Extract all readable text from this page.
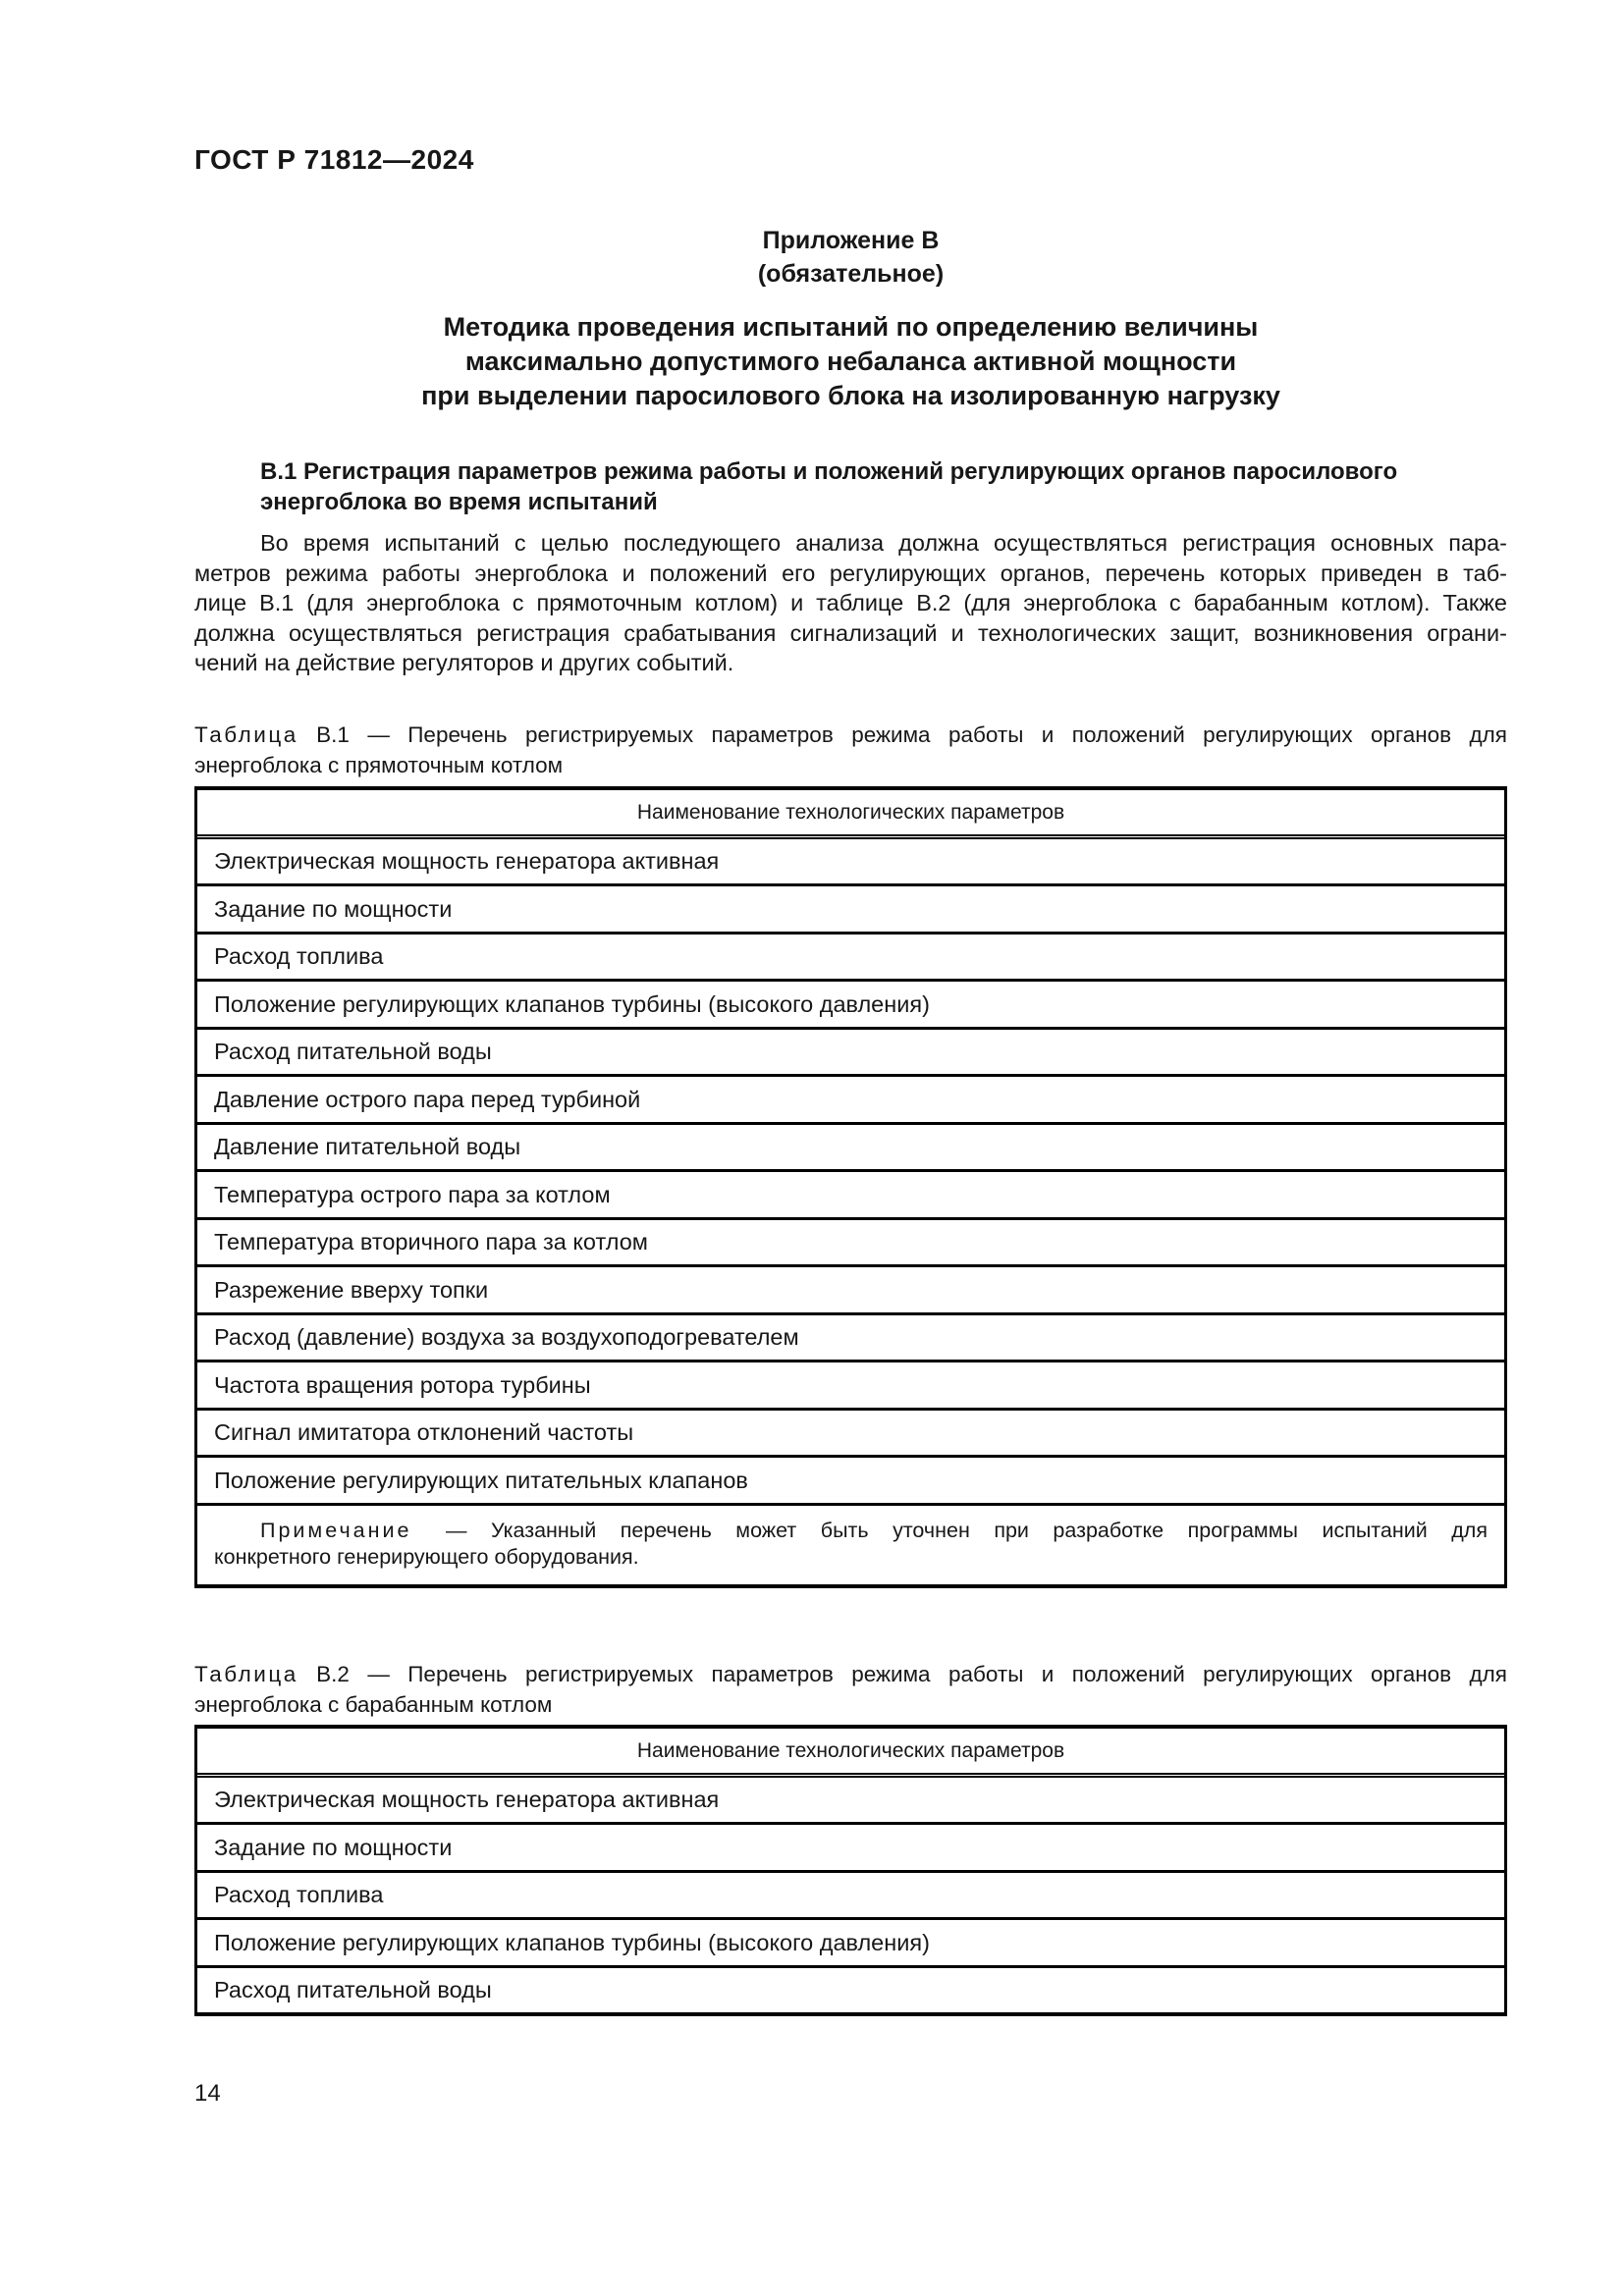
ГОСТ Р 71812—2024
Приложение В
(обязательное)
Методика проведения испытаний по определению величины
максимально допустимого небаланса активной мощности
при выделении паросилового блока на изолированную нагрузку
В.1 Регистрация параметров режима работы и положений регулирующих органов паросилового
энергоблока во время испытаний
Во время испытаний с целью последующего анализа должна осуществляться регистрация основных пара-
метров режима работы энергоблока и положений его регулирующих органов, перечень которых приведен в таб-
лице В.1 (для энергоблока с прямоточным котлом) и таблице В.2 (для энергоблока с барабанным котлом). Также
должна осуществляться регистрация срабатывания сигнализаций и технологических защит, возникновения ограни-
чений на действие регуляторов и других событий.
Таблица В.1 — Перечень регистрируемых параметров режима работы и положений регулирующих органов для
энергоблока с прямоточным котлом
Наименование технологических параметров
Электрическая мощность генератора активная
Задание по мощности
Расход топлива
Положение регулирующих клапанов турбины (высокого давления)
Расход питательной воды
Давление острого пара перед турбиной
Давление питательной воды
Температура острого пара за котлом
Температура вторичного пара за котлом
Разрежение вверху топки
Расход (давление) воздуха за воздухоподогревателем
Частота вращения ротора турбины
Сигнал имитатора отклонений частоты
Положение регулирующих питательных клапанов
Примечание — Указанный перечень может быть уточнен при разработке программы испытаний для
конкретного генерирующего оборудования.
Таблица В.2 — Перечень регистрируемых параметров режима работы и положений регулирующих органов для
энергоблока с барабанным котлом
Наименование технологических параметров
Электрическая мощность генератора активная
Задание по мощности
Расход топлива
Положение регулирующих клапанов турбины (высокого давления)
Расход питательной воды
14
